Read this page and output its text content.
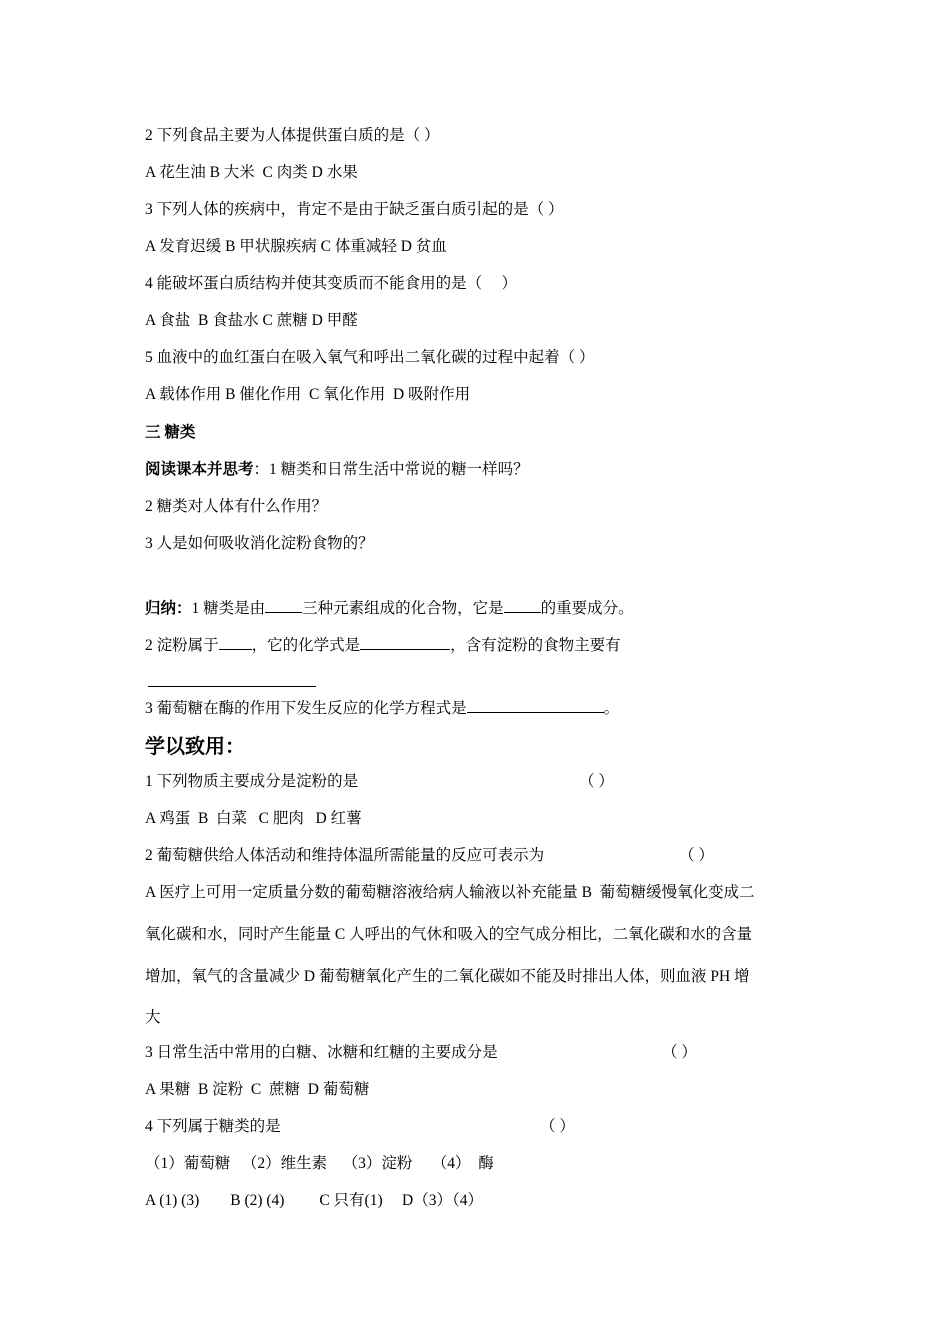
2 下列食品主要为人体提供蛋白质的是（ ）
A 花生油 B 大米  C 肉类 D 水果
3 下列人体的疾病中，肯定不是由于缺乏蛋白质引起的是（ ）
A 发育迟缓 B 甲状腺疾病 C 体重减轻 D 贫血
4 能破坏蛋白质结构并使其变质而不能食用的是（     ）
A 食盐  B 食盐水 C 蔗糖 D 甲醛
5 血液中的血红蛋白在吸入氧气和呼出二氧化碳的过程中起着（ ）
A 载体作用 B 催化作用  C 氧化作用  D 吸附作用
三 糖类
阅读课本并思考：1 糖类和日常生活中常说的糖一样吗？
2 糖类对人体有什么作用？
3 人是如何吸收消化淀粉食物的？
归纳：1 糖类是由 三种元素组成的化合物，它是 的重要成分。
2 淀粉属于 ，它的化学式是	，含有淀粉的食物主要有
3 葡萄糖在酶的作用下发生反应的化学方程式是	。
学以致用：
1 下列物质主要成分是淀粉的是	（ ）
A 鸡蛋  B  白菜   C 肥肉   D 红薯
2 葡萄糖供给人体活动和维持体温所需能量的反应可表示为	（ ）
A 医疗上可用一定质量分数的葡萄糖溶液给病人输液以补充能量 B  葡萄糖缓慢氧化变成二
氧化碳和水，同时产生能量 C 人呼出的气休和吸入的空气成分相比，二氧化碳和水的含量
增加，氧气的含量减少 D 葡萄糖氧化产生的二氧化碳如不能及时排出人体，则血液 PH 增
大
3 日常生活中常用的白糖、冰糖和红糖的主要成分是	（ ）
A 果糖  B 淀粉  C  蔗糖  D 葡萄糖
4 下列属于糖类的是	（ ）
（1）葡萄糖   （2）维生素    （3）淀粉     （4）  酶
A (1) (3)        B (2) (4)         C 只有(1)     D（3）（4）
